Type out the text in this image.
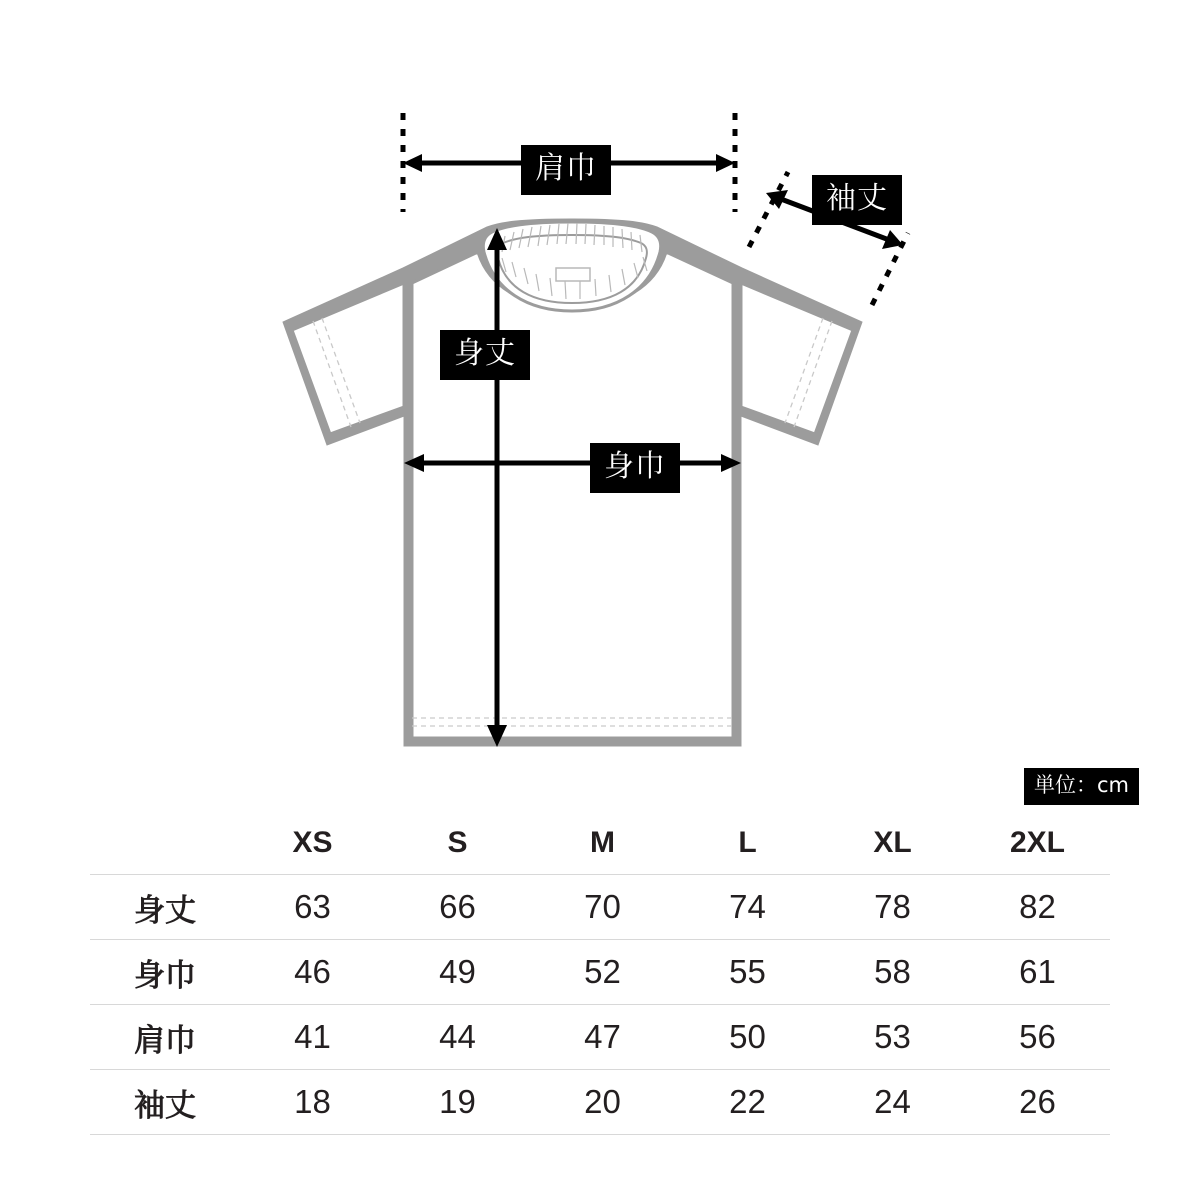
肩巾
袖丈
身丈
身巾
単位：cm
	XS	S	M	L	XL	2XL
身丈	63	66	70	74	78	82
身巾	46	49	52	55	58	61
肩巾	41	44	47	50	53	56
袖丈	18	19	20	22	24	26
